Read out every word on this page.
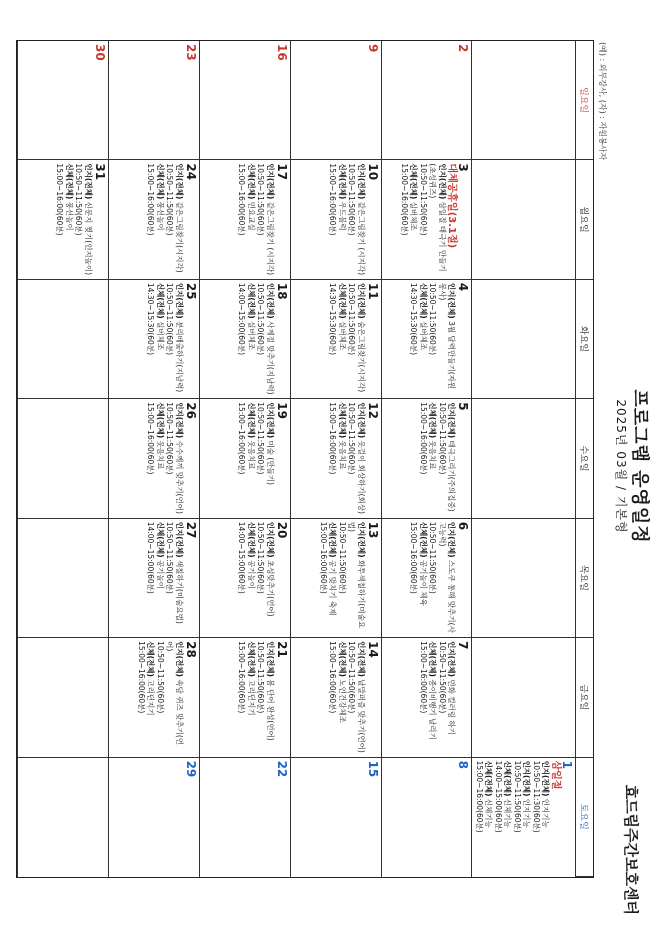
프로그램 운영일정
2025년 03월 / 기본형
효드림주간보호센터
(예) : 외부강사, (자) : 자원봉사자
일요일
월요일
화요일
수요일
목요일
금요일
토요일
1
삼일절
인지(전체) 인지기능
10:50~11:30(60분)
인지(전체) 인지기능
10:50~11:50(60분)
신체(전체) 신체기능
14:00~15:00(60분)
신체(전체) 신체기능
15:00~16:00(60분)
2
3
대체공휴일(3.1절)
인지(전체) 삼일절 태극기 만들기 (초성퀴즈)
10:50~11:50(60분)
신체(전체) 실버체조
15:00~16:00(60분)
4
인지(전체) 3월 달력만들기(자원봉사)
10:50~11:50(60분)
신체(전체) 실버체조
14:30~15:30(60분)
5
인지(전체) 태극그리기(주의집중)
10:50~11:50(60분)
신체(전체) 웃음치료
15:00~16:00(60분)
6
인지(전체) 스도쿠 통해 맞추기(사고능력)
10:50~11:50(60분)
신체(전체) 공기놀이 체육
15:00~16:00(60분)
7
인지(전체) 민화 컬러링 하기
10:50~11:50(60분)
신체(전체) 종이비행기 날리기
15:00~16:00(60분)
8
9
10
인지(전체) 같은그림찾기 (시지각)
10:50~11:50(60분)
신체(전체) 우드블럭
15:00~16:00(60분)
11
인지(전체) 숨은그림찾기(시지각)
10:50~11:50(60분)
신체(전체) 실버체조
14:30~15:30(60분)
12
인지(전체) 옷걸이 회상하기(회상)
10:50~11:50(60분)
신체(전체) 웃음치료
15:00~16:00(60분)
13
인지(전체) 화투색칠하기(미술요법)
10:50~11:50(60분)
신체(전체) 공기 맞치기 축제
15:00~16:00(60분)
14
인지(전체) 낱말퍼즐 맞추기(언어)
10:50~11:50(60분)
신체(전체) 노인건강체조
15:00~16:00(60분)
15
16
17
인지(전체) 같은그림찾기 (시지각)
10:50~11:50(60분)
신체(전체) 민요교실
15:00~16:00(60분)
18
인지(전체) 사계절 맞추기(지남력)
10:50~11:50(60분)
신체(전체) 실버체조
14:00~15:00(60분)
19
인지(전체) 미술 (만들기)
10:50~11:50(60분)
신체(전체) 웃음치료
15:00~16:00(60분)
20
인지(전체) 초성맞추기(언어)
10:50~11:50(60분)
신체(전체) 공기놀이
14:00~15:00(60분)
21
인지(전체) 봄 단어 완성(언어)
10:50~11:50(60분)
신체(전체) 고리던지기
15:00~16:00(60분)
22
23
24
인지(전체) 같은그림찾기(시지각)
10:50~11:50(60분)
신체(전체) 풍선놀이
15:00~16:00(60분)
25
인지(전체) 분리배출하기(지남력)
10:50~11:50(60분)
신체(전체) 실버체조
14:30~15:30(60분)
26
인지(전체) 수수께끼 맞추기(언어)
10:50~11:50(60분)
신체(전체) 웃음치료
15:00~16:00(60분)
27
인지(전체) 색칠하기(미술요법)
10:50~11:50(60분)
신체(전체) 공기놀이
14:00~15:00(60분)
28
인지(전체) 속담 퀴즈 맞추기(언어)
10:50~11:50(60분)
신체(전체) 고리던지기
15:00~16:00(60분)
29
30
31
인지(전체) 신문지 찢기(인지놀이)
10:50~11:50(60분)
신체(전체) 풍선놀이
15:00~16:00(60분)
